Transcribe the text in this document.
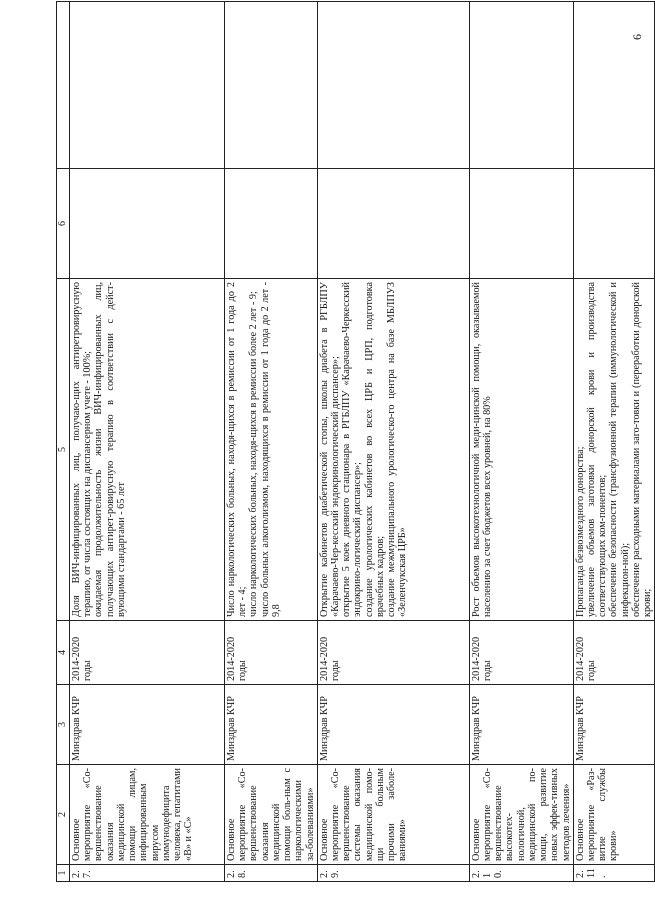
6
1	2	3	4	5	6	
2.7.	Основное мероприятие «Со-вершенствование оказания медицинской помощи лицам, инфицированным вирусом иммунодефицита человека, гепатитами «В» и «С»	Минздрав КЧР	2014-2020 годы	Доля ВИЧ-инфицированных лиц, получаю-щих антиретровирусную терапию, от числа состоящих на диспансерном учете - 100%; ожидаемая продолжительность жизни ВИЧ-инфицированных лиц, получающих антирет-ровирусную терапию в соответствии с дейст-вующими стандартами - 65 лет		

2.8.	Основное мероприятие «Со-вершенствование оказания медицинской помощи боль-ным с наркологическими за-болеваниями»	Минздрав КЧР	2014-2020 годы	Число наркологических больных, находя-щихся в ремиссии от 1 года до 2 лет - 4; число наркологических больных, находя-щихся в ремиссии более 2 лет - 9; число больных алкоголизмом, находящихся в ремиссии от 1 года до 2 лет - 9,8		

2.9.	Основное мероприятие «Со-вершенствование системы оказания медицинской помо-щи больным прочими заболе-ваниями»	Минздрав КЧР	2014-2020 годы	Открытие кабинетов диабетической стопы, школы диабета в РГБЛПУ «Карачаево-Чер-кесский эндокринологический диспансер»; открытие 5 коек дневного стационара в РГБЛПУ «Карачаево-Черкесский эндокрино-логический диспансер»; создание урологических кабинетов во всех ЦРБ и ЦРП, подготовка врачебных кадров; создание межмуниципального урологическо-го центра на базе МБЛПУЗ «Зеленчукская ЦРБ»		

2.10.	Основное мероприятие «Со-вершенствование высокотех-нологичной, медицинской по-мощи, развитие новых эффек-тивных методов лечения»	Минздрав КЧР	2014-2020 годы	Рост объемов высокотехнологичной меди-цинской помощи, оказываемой населению за счет бюджетов всех уровней, на 80%		

2.11.	Основное мероприятие «Раз-витие службы крови»	Минздрав КЧР	2014-2020 годы	Пропаганда безвозмездного донорства; увеличение объемов заготовки донорской крови и производства соответствующих ком-понентов; обеспечение безопасности (трансфузионной терапии (иммунологической и инфекцион-ной); обеспечение расходными материалами заго-товки и (переработки донорской крови;		
